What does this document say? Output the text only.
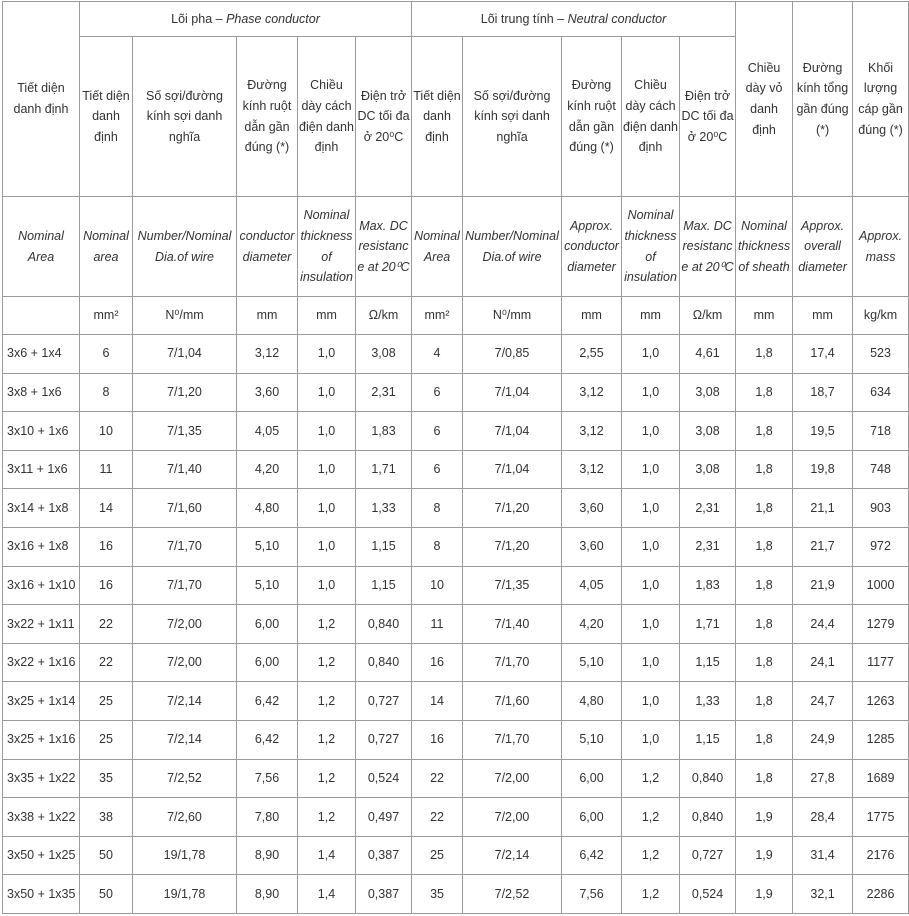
Tiết diện danh định	Lõi pha – Phase conductor					Lõi trung tính – Neutral conductor					Chiều dày vỏ danh định	Đường kính tổng gần đúng (*)	Khối lượng cáp gần đúng (*)
	Tiết diện danh định	Số sợi/đường kính sợi danh nghĩa	Đường kính ruột dẫn gần đúng (*)	Chiều dày cách điện danh định	Điện trở DC tối đa ở 20⁰C	Tiết diện danh định	Số sợi/đường kính sợi danh nghĩa	Đường kính ruột dẫn gần đúng (*)	Chiều dày cách điện danh định	Điện trở DC tối đa ở 20⁰C			
Nominal Area	Nominal area	Number/Nominal Dia.of wire	conductor diameter	Nominal thickness of insulation	Max. DC resistance at 20⁰C	Nominal Area	Number/Nominal Dia.of wire	Approx. conductor diameter	Nominal thickness of insulation	Max. DC resistance at 20⁰C	Nominal thickness of sheath	Approx. overall diameter	Approx. mass
	mm²	N⁰/mm	mm	mm	Ω/km	mm²	N⁰/mm	mm	mm	Ω/km	mm	mm	kg/km
3x6 + 1x4	6	7/1,04	3,12	1,0	3,08	4	7/0,85	2,55	1,0	4,61	1,8	17,4	523
3x8 + 1x6	8	7/1,20	3,60	1,0	2,31	6	7/1,04	3,12	1,0	3,08	1,8	18,7	634
3x10 + 1x6	10	7/1,35	4,05	1,0	1,83	6	7/1,04	3,12	1,0	3,08	1,8	19,5	718
3x11 + 1x6	11	7/1,40	4,20	1,0	1,71	6	7/1,04	3,12	1,0	3,08	1,8	19,8	748
3x14 + 1x8	14	7/1,60	4,80	1,0	1,33	8	7/1,20	3,60	1,0	2,31	1,8	21,1	903
3x16 + 1x8	16	7/1,70	5,10	1,0	1,15	8	7/1,20	3,60	1,0	2,31	1,8	21,7	972
3x16 + 1x10	16	7/1,70	5,10	1,0	1,15	10	7/1,35	4,05	1,0	1,83	1,8	21,9	1000
3x22 + 1x11	22	7/2,00	6,00	1,2	0,840	11	7/1,40	4,20	1,0	1,71	1,8	24,4	1279
3x22 + 1x16	22	7/2,00	6,00	1,2	0,840	16	7/1,70	5,10	1,0	1,15	1,8	24,1	1177
3x25 + 1x14	25	7/2,14	6,42	1,2	0,727	14	7/1,60	4,80	1,0	1,33	1,8	24,7	1263
3x25 + 1x16	25	7/2,14	6,42	1,2	0,727	16	7/1,70	5,10	1,0	1,15	1,8	24,9	1285
3x35 + 1x22	35	7/2,52	7,56	1,2	0,524	22	7/2,00	6,00	1,2	0,840	1,8	27,8	1689
3x38 + 1x22	38	7/2,60	7,80	1,2	0,497	22	7/2,00	6,00	1,2	0,840	1,9	28,4	1775
3x50 + 1x25	50	19/1,78	8,90	1,4	0,387	25	7/2,14	6,42	1,2	0,727	1,9	31,4	2176
3x50 + 1x35	50	19/1,78	8,90	1,4	0,387	35	7/2,52	7,56	1,2	0,524	1,9	32,1	2286
